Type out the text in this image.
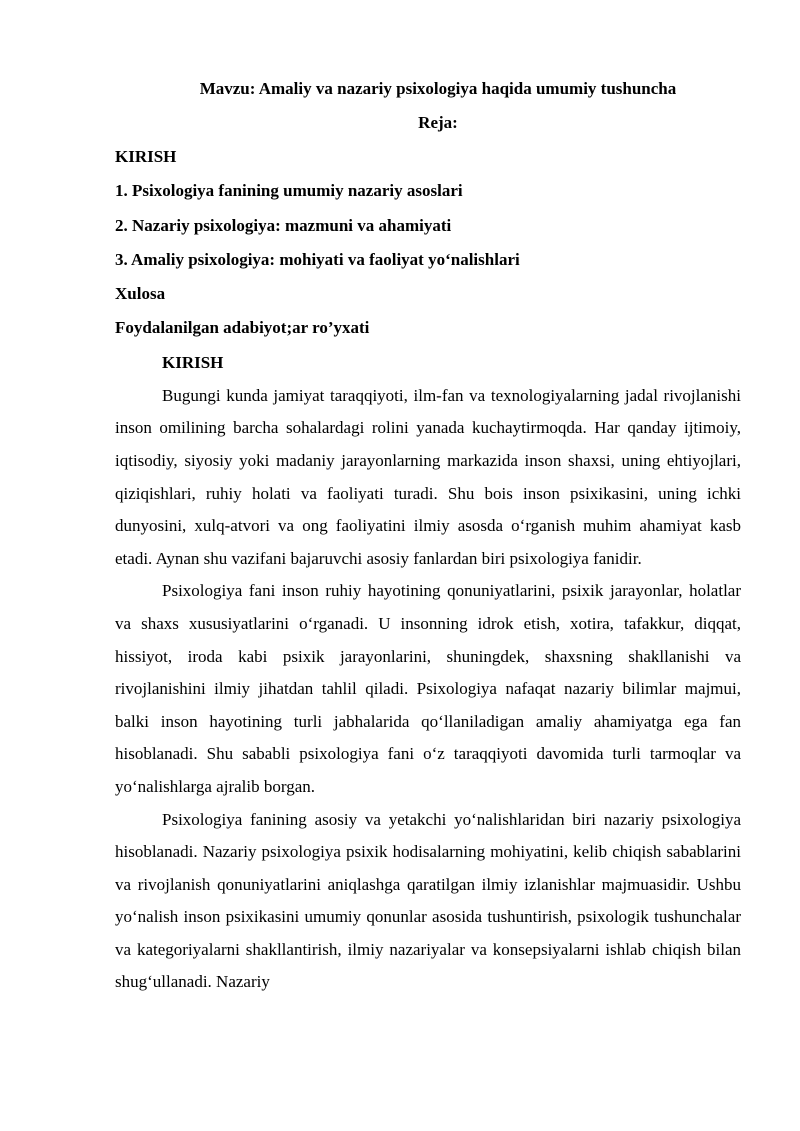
Mavzu: Amaliy va nazariy psixologiya haqida umumiy tushuncha
Reja:
KIRISH
1. Psixologiya fanining umumiy nazariy asoslari
2. Nazariy psixologiya: mazmuni va ahamiyati
3. Amaliy psixologiya: mohiyati va faoliyat yo‘nalishlari
Xulosa
Foydalanilgan adabiyot;ar ro’yxati
KIRISH

Bugungi kunda jamiyat taraqqiyoti, ilm-fan va texnologiyalarning jadal rivojlanishi inson omilining barcha sohalardagi rolini yanada kuchaytirmoqda. Har qanday ijtimoiy, iqtisodiy, siyosiy yoki madaniy jarayonlarning markazida inson shaxsi, uning ehtiyojlari, qiziqishlari, ruhiy holati va faoliyati turadi. Shu bois inson psixikasini, uning ichki dunyosini, xulq-atvori va ong faoliyatini ilmiy asosda o‘rganish muhim ahamiyat kasb etadi. Aynan shu vazifani bajaruvchi asosiy fanlardan biri psixologiya fanidir.

Psixologiya fani inson ruhiy hayotining qonuniyatlarini, psixik jarayonlar, holatlar va shaxs xususiyatlarini o‘rganadi. U insonning idrok etish, xotira, tafakkur, diqqat, hissiyot, iroda kabi psixik jarayonlarini, shuningdek, shaxsning shakllanishi va rivojlanishini ilmiy jihatdan tahlil qiladi. Psixologiya nafaqat nazariy bilimlar majmui, balki inson hayotining turli jabhalarida qo‘llaniladigan amaliy ahamiyatga ega fan hisoblanadi. Shu sababli psixologiya fani o‘z taraqqiyoti davomida turli tarmoqlar va yo‘nalishlarga ajralib borgan.

Psixologiya fanining asosiy va yetakchi yo‘nalishlaridan biri nazariy psixologiya hisoblanadi. Nazariy psixologiya psixik hodisalarning mohiyatini, kelib chiqish sabablarini va rivojlanish qonuniyatlarini aniqlashga qaratilgan ilmiy izlanishlar majmuasidir. Ushbu yo‘nalish inson psixikasini umumiy qonunlar asosida tushuntirish, psixologik tushunchalar va kategoriyalarni shakllantirish, ilmiy nazariyalar va konsepsiyalarni ishlab chiqish bilan shug‘ullanadi. Nazariy
